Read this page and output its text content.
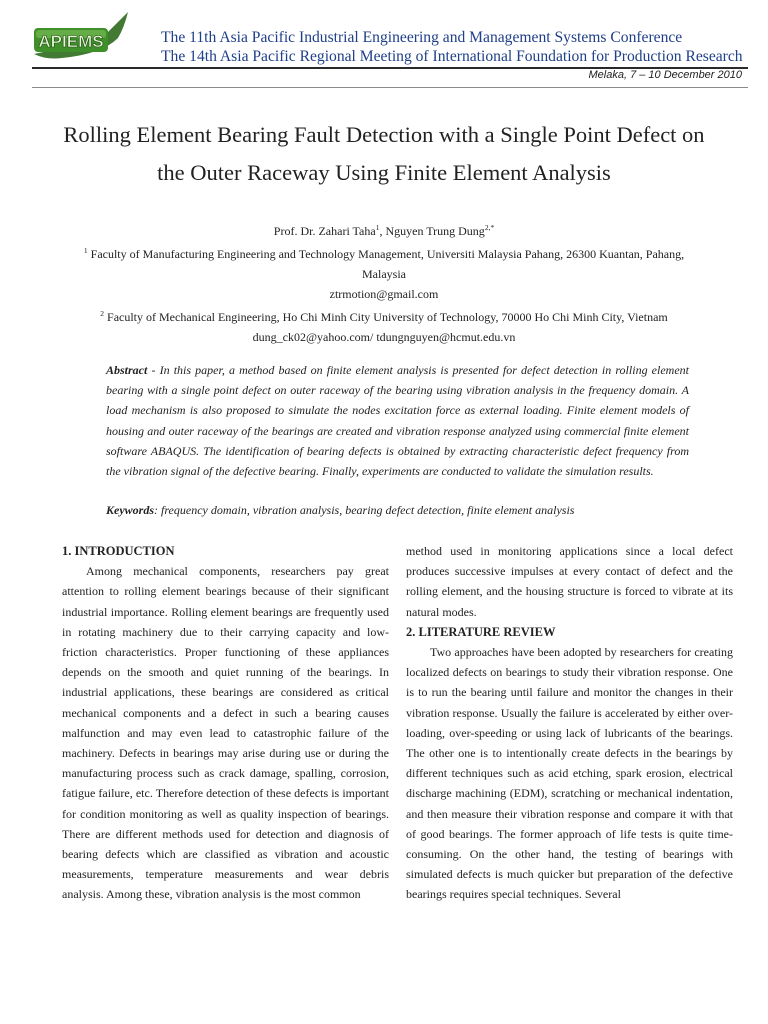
APIEMS	The 11th Asia Pacific Industrial Engineering and Management Systems Conference
The 14th Asia Pacific Regional Meeting of International Foundation for Production Research
Melaka, 7 – 10 December 2010
Rolling Element Bearing Fault Detection with a Single Point Defect on
the Outer Raceway Using Finite Element Analysis
Prof. Dr. Zahari Taha$^1$, Nguyen Trung Dung$^{2,*}$
$^1$ Faculty of Manufacturing Engineering and Technology Management, Universiti Malaysia Pahang, 26300 Kuantan, Pahang,
Malaysia
ztrmotion@gmail.com
$^2$ Faculty of Mechanical Engineering, Ho Chi Minh City University of Technology, 70000 Ho Chi Minh City, Vietnam
dung_ck02@yahoo.com/ tdungnguyen@hcmut.edu.vn
Abstract - In this paper, a method based on finite element analysis is presented for defect detection in rolling element bearing with a single point defect on outer raceway of the bearing using vibration analysis in the frequency domain. A load mechanism is also proposed to simulate the nodes excitation force as external loading. Finite element models of housing and outer raceway of the bearings are created and vibration response analyzed using commercial finite element software ABAQUS. The identification of bearing defects is obtained by extracting characteristic defect frequency from the vibration signal of the defective bearing. Finally, experiments are conducted to validate the simulation results.
Keywords: frequency domain, vibration analysis, bearing defect detection, finite element analysis
1. INTRODUCTION

Among mechanical components, researchers pay great attention to rolling element bearings because of their significant industrial importance. Rolling element bearings are frequently used in rotating machinery due to their carrying capacity and low-friction characteristics. Proper functioning of these appliances depends on the smooth and quiet running of the bearings. In industrial applications, these bearings are considered as critical mechanical components and a defect in such a bearing causes malfunction and may even lead to catastrophic failure of the machinery. Defects in bearings may arise during use or during the manufacturing process such as crack damage, spalling, corrosion, fatigue failure, etc. Therefore detection of these defects is important for condition monitoring as well as quality inspection of bearings. There are different methods used for detection and diagnosis of bearing defects which are classified as vibration and acoustic measurements, temperature measurements and wear debris analysis. Among these, vibration analysis is the most common

method used in monitoring applications since a local defect produces successive impulses at every contact of defect and the rolling element, and the housing structure is forced to vibrate at its natural modes.

2. LITERATURE REVIEW

Two approaches have been adopted by researchers for creating localized defects on bearings to study their vibration response. One is to run the bearing until failure and monitor the changes in their vibration response. Usually the failure is accelerated by either over-loading, over-speeding or using lack of lubricants of the bearings. The other one is to intentionally create defects in the bearings by different techniques such as acid etching, spark erosion, electrical discharge machining (EDM), scratching or mechanical indentation, and then measure their vibration response and compare it with that of good bearings. The former approach of life tests is quite time-consuming. On the other hand, the testing of bearings with simulated defects is much quicker but preparation of the defective bearings requires special techniques. Several
